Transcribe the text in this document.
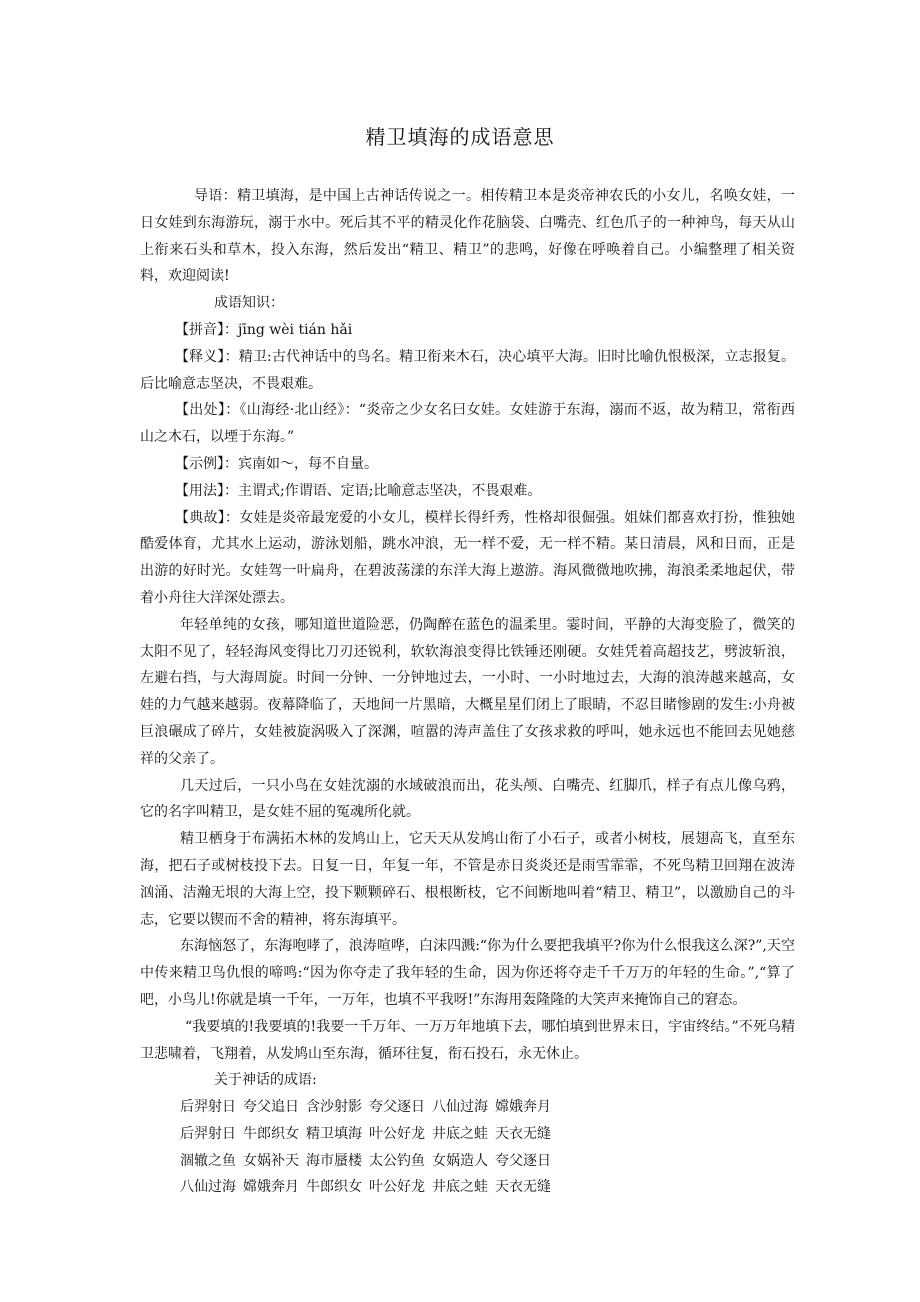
精卫填海的成语意思

导语：精卫填海，是中国上古神话传说之一。相传精卫本是炎帝神农氏的小女儿，名唤女娃，一日女娃到东海游玩，溺于水中。死后其不平的精灵化作花脑袋、白嘴壳、红色爪子的一种神鸟，每天从山上衔来石头和草木，投入东海，然后发出“精卫、精卫”的悲鸣，好像在呼唤着自己。小编整理了相关资料，欢迎阅读!

成语知识：

【拼音】：jīng wèi tián hǎi

【释义】：精卫:古代神话中的鸟名。精卫衔来木石，决心填平大海。旧时比喻仇恨极深，立志报复。后比喻意志坚决，不畏艰难。

【出处】：《山海经·北山经》：“炎帝之少女名曰女娃。女娃游于东海，溺而不返，故为精卫，常衔西山之木石，以堙于东海。”

【示例】：宾南如～，每不自量。

【用法】：主谓式;作谓语、定语;比喻意志坚决，不畏艰难。

【典故】：女娃是炎帝最宠爱的小女儿，模样长得纤秀，性格却很倔强。姐妹们都喜欢打扮，惟独她酷爱体育，尤其水上运动，游泳划船，跳水冲浪，无一样不爱，无一样不精。某日清晨，风和日而，正是出游的好时光。女娃驾一叶扁舟，在碧波荡漾的东洋大海上遨游。海风微微地吹拂，海浪柔柔地起伏，带着小舟往大洋深处漂去。

年轻单纯的女孩，哪知道世道险恶，仍陶醉在蓝色的温柔里。霎时间，平静的大海变脸了，微笑的太阳不见了，轻轻海风变得比刀刃还锐利，软软海浪变得比铁锤还刚硬。女娃凭着高超技艺，劈波斩浪，左避右挡，与大海周旋。时间一分钟、一分钟地过去，一小时、一小时地过去，大海的浪涛越来越高，女娃的力气越来越弱。夜幕降临了，天地间一片黑暗，大概星星们闭上了眼睛，不忍目睹惨剧的发生:小舟被巨浪碾成了碎片，女娃被旋涡吸入了深渊，喧嚣的涛声盖住了女孩求救的呼叫，她永远也不能回去见她慈祥的父亲了。

几天过后，一只小鸟在女娃沈溺的水域破浪而出，花头颅、白嘴壳、红脚爪，样子有点儿像乌鸦，它的名字叫精卫，是女娃不屈的冤魂所化就。

精卫栖身于布满拓木林的发鸠山上，它天天从发鸠山衔了小石子，或者小树枝，展翅高飞，直至东海，把石子或树枝投下去。日复一日，年复一年，不管是赤日炎炎还是雨雪霏霏，不死鸟精卫回翔在波涛汹涌、洁瀚无垠的大海上空，投下颗颗碎石、根根断枝，它不间断地叫着“精卫、精卫”，以激励自己的斗志，它要以锲而不舍的精神，将东海填平。

东海恼怒了，东海咆哮了，浪涛喧哗，白沫四溅:“你为什么要把我填平?你为什么恨我这么深?”,天空中传来精卫鸟仇恨的啼鸣:“因为你夺走了我年轻的生命，因为你还将夺走千千万万的年轻的生命。”,“算了吧，小鸟儿!你就是填一千年，一万年，也填不平我呀!”东海用轰隆隆的大笑声来掩饰自己的窘态。

“我要填的!我要填的!我要一千万年、一万万年地填下去，哪怕填到世界末日，宇宙终结。”不死乌精卫悲啸着，飞翔着，从发鸠山至东海，循环往复，衔石投石，永无休止。

关于神话的成语:

后羿射日 夸父追日 含沙射影 夸父逐日 八仙过海 嫦娥奔月

后羿射日 牛郎织女 精卫填海 叶公好龙 井底之蛙 天衣无缝

涸辙之鱼 女娲补天 海市蜃楼 太公钓鱼 女娲造人 夸父逐日

八仙过海 嫦娥奔月 牛郎织女 叶公好龙 井底之蛙 天衣无缝
